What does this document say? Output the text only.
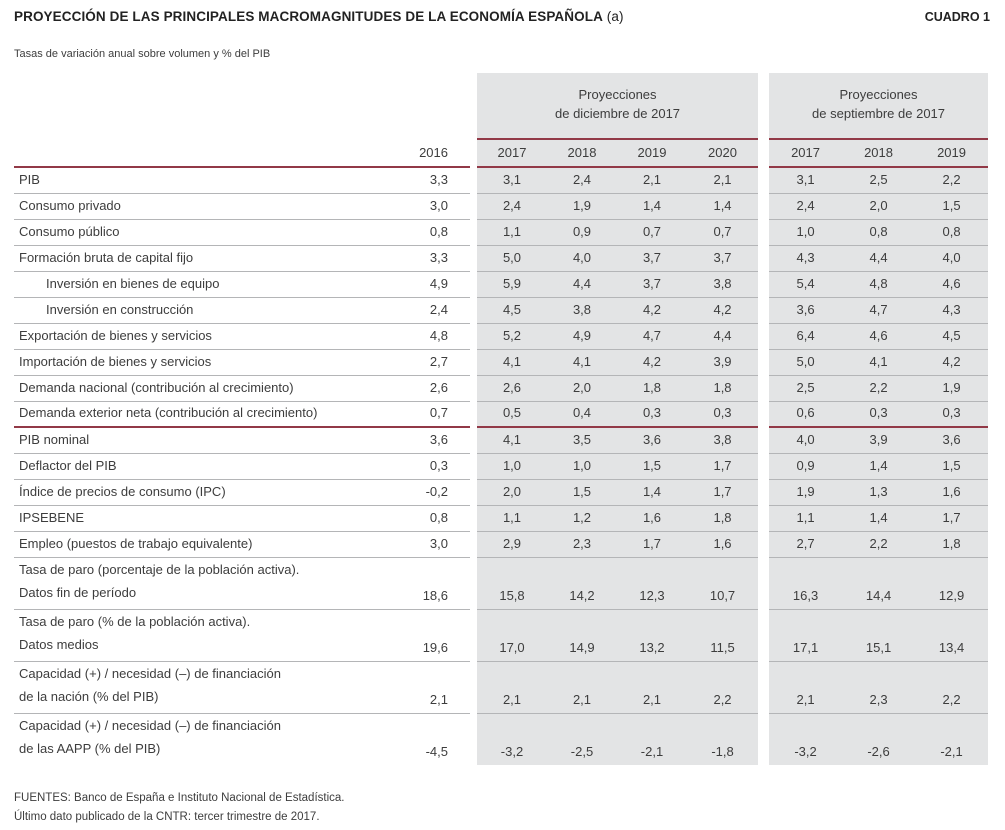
PROYECCIÓN DE LAS PRINCIPALES MACROMAGNITUDES DE LA ECONOMÍA ESPAÑOLA (a)	CUADRO 1
Tasas de variación anual sobre volumen y % del PIB

Proyecciones
de diciembre de 2017

Proyecciones
de septiembre de 2017

	2016		2017	2018	2019	2020		2017	2018	2019

PIB	3,3		3,1	2,4	2,1	2,1		3,1	2,5	2,2

Consumo privado	3,0		2,4	1,9	1,4	1,4		2,4	2,0	1,5

Consumo público	0,8		1,1	0,9	0,7	0,7		1,0	0,8	0,8

Formación bruta de capital fijo	3,3		5,0	4,0	3,7	3,7		4,3	4,4	4,0

Inversión en bienes de equipo	4,9		5,9	4,4	3,7	3,8		5,4	4,8	4,6

Inversión en construcción	2,4		4,5	3,8	4,2	4,2		3,6	4,7	4,3

Exportación de bienes y servicios	4,8		5,2	4,9	4,7	4,4		6,4	4,6	4,5

Importación de bienes y servicios	2,7		4,1	4,1	4,2	3,9		5,0	4,1	4,2

Demanda nacional (contribución al crecimiento)	2,6		2,6	2,0	1,8	1,8		2,5	2,2	1,9

Demanda exterior neta (contribución al crecimiento)	0,7		0,5	0,4	0,3	0,3		0,6	0,3	0,3

PIB nominal	3,6		4,1	3,5	3,6	3,8		4,0	3,9	3,6

Deflactor del PIB	0,3		1,0	1,0	1,5	1,7		0,9	1,4	1,5

Índice de precios de consumo (IPC)	-0,2		2,0	1,5	1,4	1,7		1,9	1,3	1,6

IPSEBENE	0,8		1,1	1,2	1,6	1,8		1,1	1,4	1,7

Empleo (puestos de trabajo equivalente)	3,0		2,9	2,3	1,7	1,6		2,7	2,2	1,8

Tasa de paro (porcentaje de la población activa).
Datos fin de período	18,6		15,8	14,2	12,3	10,7		16,3	14,4	12,9

Tasa de paro (% de la población activa).
Datos medios	19,6		17,0	14,9	13,2	11,5		17,1	15,1	13,4

Capacidad (+) / necesidad (–) de financiación
de la nación (% del PIB)	2,1		2,1	2,1	2,1	2,2		2,1	2,3	2,2

Capacidad (+) / necesidad (–) de financiación
de las AAPP (% del PIB)	-4,5		-3,2	-2,5	-2,1	-1,8		-3,2	-2,6	-2,1
FUENTES: Banco de España e Instituto Nacional de Estadística.
Último dato publicado de la CNTR: tercer trimestre de 2017.
